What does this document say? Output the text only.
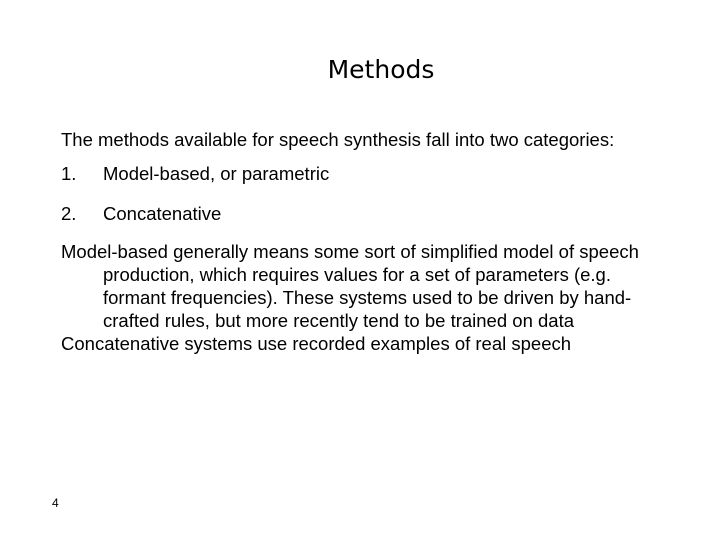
Methods

The methods available for speech synthesis fall into two categories:

1. Model-based, or parametric
2. Concatenative

Model-based generally means some sort of simplified model of speech production, which requires values for a set of parameters (e.g. formant frequencies). These systems used to be driven by hand-crafted rules, but more recently tend to be trained on data

Concatenative systems use recorded examples of real speech

4
